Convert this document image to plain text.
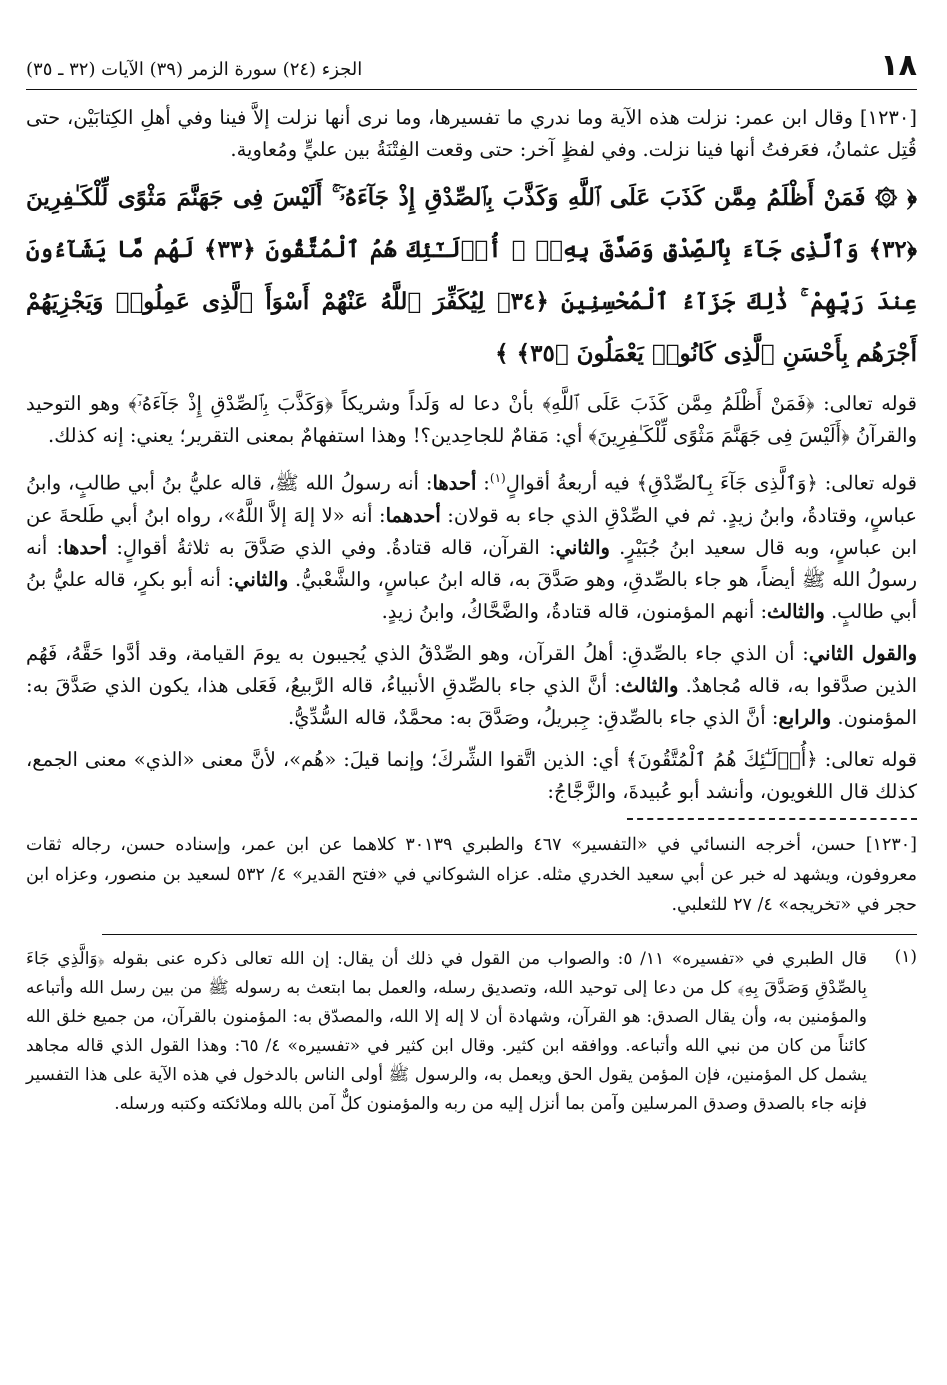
١٨
الجزء (٢٤) سورة الزمر (٣٩) الآيات (٣٢ ـ ٣٥)

[١٢٣٠] وقال ابن عمر: نزلت هذه الآية وما ندري ما تفسيرها، وما نرى أنها نزلت إلاَّ فينا وفي أهلِ الكِتابَيْن، حتى قُتِل عثمانُ، فعَرفتُ أنها فينا نزلت. وفي لفظٍ آخر: حتى وقعت الفِتْنَةُ بين عليٍّ ومُعاوية.

﴿ ۞ فَمَنْ أَظْلَمُ مِمَّن كَذَبَ عَلَى ٱللَّهِ وَكَذَّبَ بِٱلصِّدْقِ إِذْ جَآءَهُۥٓ ۚ أَلَيْسَ فِى جَهَنَّمَ مَثْوًى لِّلْكَـٰفِرِينَ ﴿٣٢﴾ وَٱلَّذِى جَآءَ بِٱلصِّدْقِ وَصَدَّقَ بِهِۦٓ ۙ أُو۟لَـٰٓئِكَ هُمُ ٱلْمُتَّقُونَ ﴿٣٣﴾ لَهُم مَّا يَشَآءُونَ عِندَ رَبِّهِمْ ۚ ذَٰلِكَ جَزَآءُ ٱلْمُحْسِنِينَ ﴿٣٤﴾ لِيُكَفِّرَ ٱللَّهُ عَنْهُمْ أَسْوَأَ ٱلَّذِى عَمِلُوا۟ وَيَجْزِيَهُمْ أَجْرَهُم بِأَحْسَنِ ٱلَّذِى كَانُوا۟ يَعْمَلُونَ ﴿٣٥﴾ ﴾

قوله تعالى: ﴿فَمَنْ أَظْلَمُ مِمَّن كَذَبَ عَلَى ٱللَّهِ﴾ بأنْ دعا له وَلَداً وشريكاً ﴿وَكَذَّبَ بِٱلصِّدْقِ إِذْ جَآءَهُۥٓ﴾ وهو التوحيد والقرآنُ ﴿أَلَيْسَ فِى جَهَنَّمَ مَثْوًى لِّلْكَـٰفِرِينَ﴾ أي: مَقامٌ للجاحِدين؟! وهذا استفهامٌ بمعنى التقرير؛ يعني: إنه كذلك.

قوله تعالى: ﴿وَٱلَّذِى جَآءَ بِٱلصِّدْقِ﴾ فيه أربعةُ أقوالٍ$^{(١)}$: أحدها: أنه رسولُ الله ﷺ، قاله عليُّ بنُ أبي طالبٍ، وابنُ عباسٍ، وقتادةُ، وابنُ زيدٍ. ثم في الصِّدْقِ الذي جاء به قولان: أحدهما: أنه «لا إلهَ إلاَّ اللَّهُ»، رواه ابنُ أبي طَلحةَ عن ابن عباسٍ، وبه قال سعيد ابنُ جُبَيْرٍ. والثاني: القرآن، قاله قتادةُ. وفي الذي صَدَّقَ به ثلاثةُ أقوالٍ: أحدها: أنه رسولُ الله ﷺ أيضاً، هو جاء بالصِّدقِ، وهو صَدَّقَ به، قاله ابنُ عباسٍ، والشَّعْبيُّ. والثاني: أنه أبو بكرٍ، قاله عليُّ بنُ أبي طالبٍ. والثالث: أنهم المؤمنون، قاله قتادةُ، والضَّحَّاكُ، وابنُ زيدٍ.

والقول الثاني: أن الذي جاء بالصِّدقِ: أهلُ القرآن، وهو الصِّدْقُ الذي يُجيبون به يومَ القيامة، وقد أدَّوا حَقَّهُ، فَهُم الذين صدَّقوا به، قاله مُجاهدٌ. والثالث: أنَّ الذي جاء بالصِّدقِ الأنبياءُ، قاله الرَّبيعُ، فَعَلى هذا، يكون الذي صَدَّقَ به: المؤمنون. والرابع: أنَّ الذي جاء بالصِّدقِ: جِبريلُ، وصَدَّقَ به: محمَّدٌ، قاله السُّدِّيُّ.

قوله تعالى: ﴿أُو۟لَـٰٓئِكَ هُمُ ٱلْمُتَّقُونَ﴾ أي: الذين اتَّقوا الشِّركَ؛ وإنما قيلَ: «هُم»، لأنَّ معنى «الذي» معنى الجمع، كذلك قال اللغويون، وأنشد أبو عُبيدةَ، والزَّجَّاجُ:

[١٢٣٠] حسن، أخرجه النسائي في «التفسير» ٤٦٧ والطبري ٣٠١٣٩ كلاهما عن ابن عمر، وإسناده حسن، رجاله ثقات معروفون، ويشهد له خبر عن أبي سعيد الخدري مثله. عزاه الشوكاني في «فتح القدير» ٤/ ٥٣٢ لسعيد بن منصور، وعزاه ابن حجر في «تخريجه» ٤/ ٢٧ للثعلبي.

(١)

قال الطبري في «تفسيره» ١١/ ٥: والصواب من القول في ذلك أن يقال: إن الله تعالى ذكره عنى بقوله ﴿وَالَّذِي جَاءَ بِالصِّدْقِ وَصَدَّقَ بِهِ﴾ كل من دعا إلى توحيد الله، وتصديق رسله، والعمل بما ابتعث به رسوله ﷺ من بين رسل الله وأتباعه والمؤمنين به، وأن يقال الصدق: هو القرآن، وشهادة أن لا إله إلا الله، والمصدّق به: المؤمنون بالقرآن، من جميع خلق الله كائناً من كان من نبي الله وأتباعه. ووافقه ابن كثير. وقال ابن كثير في «تفسيره» ٤/ ٦٥: وهذا القول الذي قاله مجاهد يشمل كل المؤمنين، فإن المؤمن يقول الحق ويعمل به، والرسول ﷺ أولى الناس بالدخول في هذه الآية على هذا التفسير فإنه جاء بالصدق وصدق المرسلين وآمن بما أنزل إليه من ربه والمؤمنون كلٌّ آمن بالله وملائكته وكتبه ورسله.
